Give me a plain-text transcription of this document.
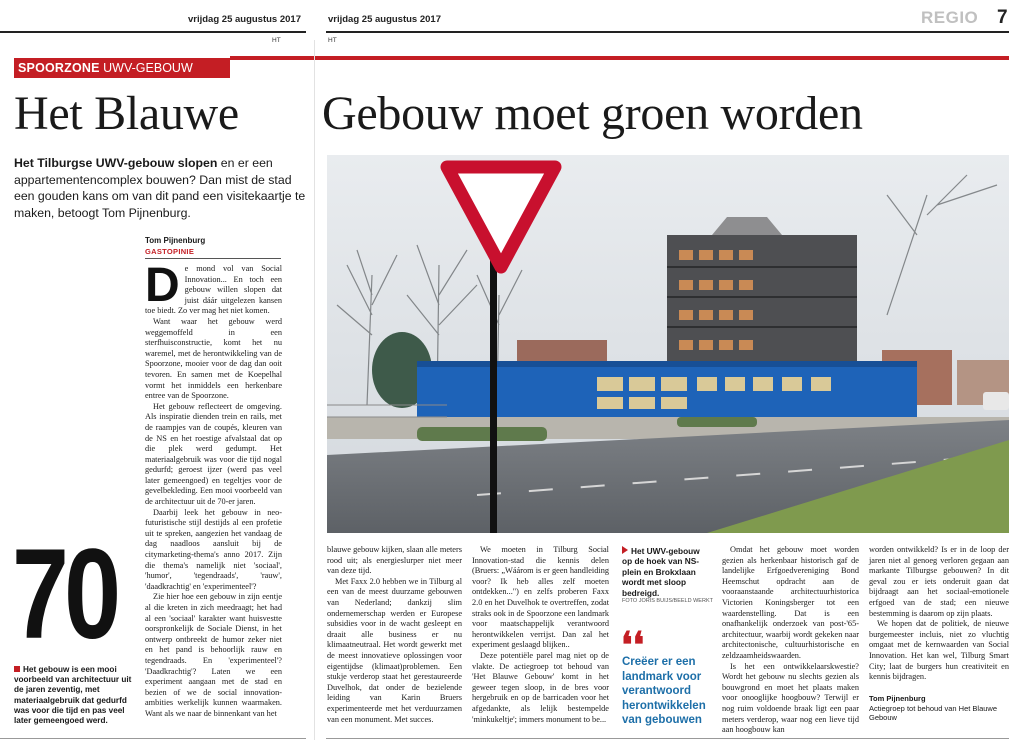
vrijdag 25 augustus 2017	vrijdag 25 augustus 2017	REGIO 7
HT	HT
SPOORZONE UWV-GEBOUW
Het Blauwe Gebouw moet groen worden
Het Tilburgse UWV-gebouw slopen en er een appartementencomplex bouwen? Dan mist de stad een gouden kans om van dit pand een visitekaartje te maken, betoogt Tom Pijnenburg.
Tom Pijnenburg
GASTOPINIE
D e mond vol van Social Innovation... En toch een gebouw willen slopen dat juist dáár uitgelezen kansen toe biedt. Zo ver mag het niet komen.

Want waar het gebouw werd weggemoffeld in een sterfhuisconstructie, komt het nu waremel, met de herontwikkeling van de Spoorzone, mooier voor de dag dan ooit tevoren. En samen met de Koepelhal vormt het inmiddels een herkenbare entree van de Spoorzone.

Het gebouw reflecteert de omgeving. Als inspiratie dienden trein en rails, met de raampjes van de coupés, kleuren van de NS en het roestige afvalstaal dat op die plek werd gedumpt. Het materiaalgebruik was voor die tijd nogal gedurfd; geroest ijzer (werd pas veel later gemeengoed) en tegeltjes voor de gevelbekleding. Een mooi voorbeeld van de architectuur uit de 70-er jaren.

Daarbij leek het gebouw in neo-futuristische stijl destijds al een profetie uit te spreken, aangezien het vandaag de dag naadloos aansluit bij de citymarketing-thema's anno 2017. Zijn die thema's namelijk niet 'sociaal', 'humor', 'tegendraads', 'rauw', 'daadkrachtig' en 'experimenteel'?

Zie hier hoe een gebouw in zijn eentje al die kreten in zich meedraagt; het had al een 'sociaal' karakter want huisvestte oorspronkelijk de Sociale Dienst, in het ontwerp ontbreekt de humor zeker niet en het pand is behoorlijk rauw en tegendraads. En 'experimenteel'? 'Daadkrachtig'? Laten we een experiment aangaan met de stad en bezien of we de social innovation-ambities werkelijk kunnen waarmaken. Want als we naar de binnenkant van het

70
Het gebouw is een mooi voorbeeld van architectuur uit de jaren zeventig, met materiaalgebruik dat gedurfd was voor die tijd en pas veel later gemeengoed werd.

blauwe gebouw kijken, slaan alle meters rood uit; als energieslurper niet meer van deze tijd.

Met Faxx 2.0 hebben we in Tilburg al een van de meest duurzame gebouwen van Nederland; dankzij slim ondernemerschap werden er Europese subsidies voor in de wacht gesleept en draait alle business er nu klimaatneutraal. Het wordt gewerkt met de meest innovatieve oplossingen voor eigentijdse (klimaat)problemen. Een stukje verderop staat het gerestaureerde Duvelhok, dat onder de bezielende leiding van Karin Bruers experimenteerde met het verduurzamen van een monument. Met succes.

We moeten in Tilburg Social Innovation-stad die kennis delen (Bruers: „Wáárom is er geen handleiding voor? Ik heb alles zelf moeten ontdekken...") en zelfs proberen Faxx 2.0 en het Duvelhok te overtreffen, zodat straks ook in de Spoorzone een landmark voor maatschappelijk verantwoord herontwikkelen verrijst. Dan zal het experiment geslaagd blijken..

Deze potentiële parel mag niet op de vlakte. De actiegroep tot behoud van 'Het Blauwe Gebouw' komt in het geweer tegen sloop, in de bres voor hergebruik en op de barricaden voor het afgedankte, als lelijk bestempelde 'minkukeltje'; immers monument to be...

Het UWV-gebouw op de hoek van NS-plein en Brokxlaan wordt met sloop bedreigd.
FOTO JORIS BUIJS/BEELD WERKT
❛❛
Creëer er een landmark voor verantwoord herontwikkelen van gebouwen

Omdat het gebouw moet worden gezien als herkenbaar historisch gaf de landelijke Erfgoedvereniging Bond Heemschut opdracht aan de vooraanstaande architectuurhistorica Victorien Koningsberger tot een waardenstelling. Dat is een onafhankelijk onderzoek van post-'65-architectuur, waarbij wordt gekeken naar architectonische, cultuurhistorische en zeldzaamheidswaarden.

Is het een ontwikkelaarskwestie? Wordt het gebouw nu slechts gezien als bouwgrond en moet het plaats maken voor onooglijke hoogbouw? Terwijl er nog ruim voldoende braak ligt een paar meters verderop, waar nog een lieve tijd aan hoogbouw kan

worden ontwikkeld? Is er in de loop der jaren niet al genoeg verloren gegaan aan markante Tilburgse gebouwen? In dit geval zou er iets onderuit gaan dat bijdraagt aan het sociaal-emotionele erfgoed van de stad; een nieuwe bestemming is daarom op zijn plaats.

We hopen dat de politiek, de nieuwe burgemeester incluis, niet zo vluchtig omgaat met de kernwaarden van Social Innovation. Het kan wel, Tilburg Smart City; laat de burgers hun creativiteit en kennis bijdragen.

Tom Pijnenburg
Actiegroep tot behoud van Het Blauwe Gebouw
